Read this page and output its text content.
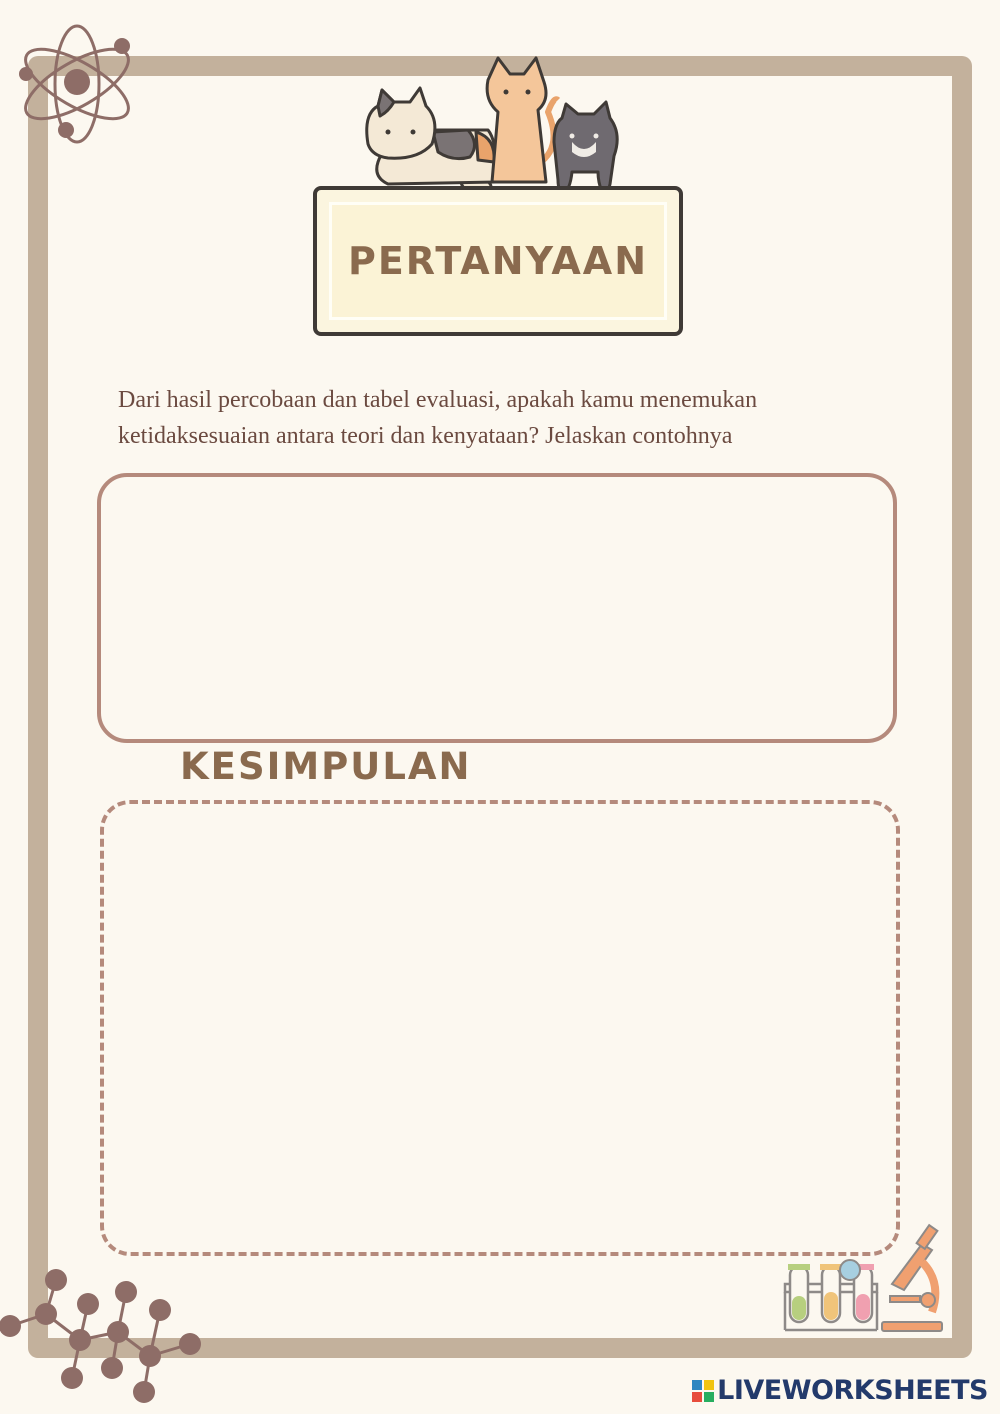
PERTANYAAN
Dari hasil percobaan dan tabel evaluasi, apakah kamu menemukan ketidaksesuaian antara teori dan kenyataan? Jelaskan contohnya
KESIMPULAN
LIVEWORKSHEETS
